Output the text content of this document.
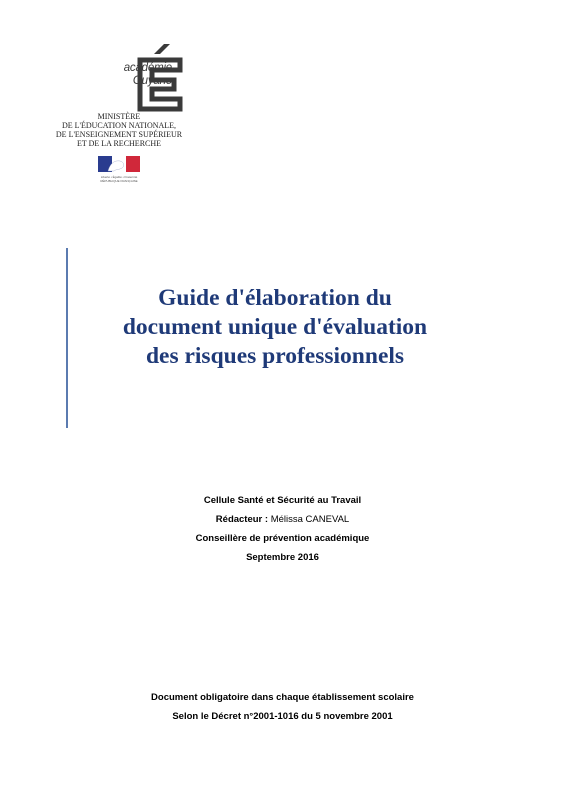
académie
Guyane
MINISTÈRE
DE L'ÉDUCATION NATIONALE,
DE L'ENSEIGNEMENT SUPÉRIEUR
ET DE LA RECHERCHE
Liberté • Égalité • Fraternité
RÉPUBLIQUE FRANÇAISE
Guide d'élaboration du
document unique d'évaluation
des risques professionnels
Cellule Santé et Sécurité au Travail
Rédacteur : Mélissa CANEVAL
Conseillère de prévention académique
Septembre 2016
Document obligatoire dans chaque établissement scolaire
Selon le Décret n°2001-1016 du 5 novembre 2001
